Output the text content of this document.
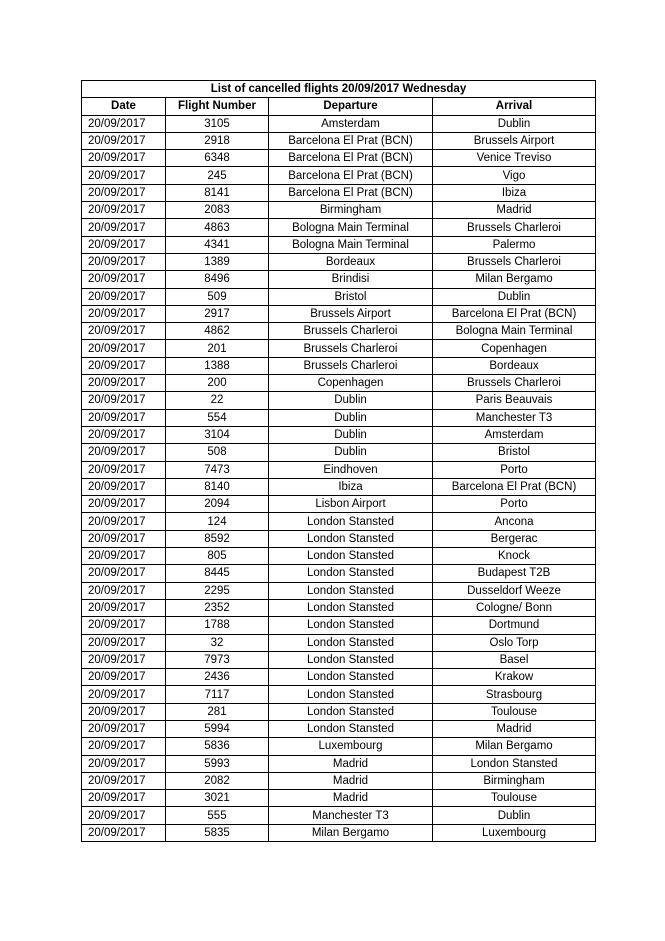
List of cancelled flights 20/09/2017 Wednesday			
Date	Flight Number	Departure	Arrival
20/09/2017	3105	Amsterdam	Dublin
20/09/2017	2918	Barcelona El Prat (BCN)	Brussels Airport
20/09/2017	6348	Barcelona El Prat (BCN)	Venice Treviso
20/09/2017	245	Barcelona El Prat (BCN)	Vigo
20/09/2017	8141	Barcelona El Prat (BCN)	Ibiza
20/09/2017	2083	Birmingham	Madrid
20/09/2017	4863	Bologna Main Terminal	Brussels Charleroi
20/09/2017	4341	Bologna Main Terminal	Palermo
20/09/2017	1389	Bordeaux	Brussels Charleroi
20/09/2017	8496	Brindisi	Milan Bergamo
20/09/2017	509	Bristol	Dublin
20/09/2017	2917	Brussels Airport	Barcelona El Prat (BCN)
20/09/2017	4862	Brussels Charleroi	Bologna Main Terminal
20/09/2017	201	Brussels Charleroi	Copenhagen
20/09/2017	1388	Brussels Charleroi	Bordeaux
20/09/2017	200	Copenhagen	Brussels Charleroi
20/09/2017	22	Dublin	Paris Beauvais
20/09/2017	554	Dublin	Manchester T3
20/09/2017	3104	Dublin	Amsterdam
20/09/2017	508	Dublin	Bristol
20/09/2017	7473	Eindhoven	Porto
20/09/2017	8140	Ibiza	Barcelona El Prat (BCN)
20/09/2017	2094	Lisbon Airport	Porto
20/09/2017	124	London Stansted	Ancona
20/09/2017	8592	London Stansted	Bergerac
20/09/2017	805	London Stansted	Knock
20/09/2017	8445	London Stansted	Budapest T2B
20/09/2017	2295	London Stansted	Dusseldorf Weeze
20/09/2017	2352	London Stansted	Cologne/ Bonn
20/09/2017	1788	London Stansted	Dortmund
20/09/2017	32	London Stansted	Oslo Torp
20/09/2017	7973	London Stansted	Basel
20/09/2017	2436	London Stansted	Krakow
20/09/2017	7117	London Stansted	Strasbourg
20/09/2017	281	London Stansted	Toulouse
20/09/2017	5994	London Stansted	Madrid
20/09/2017	5836	Luxembourg	Milan Bergamo
20/09/2017	5993	Madrid	London Stansted
20/09/2017	2082	Madrid	Birmingham
20/09/2017	3021	Madrid	Toulouse
20/09/2017	555	Manchester T3	Dublin
20/09/2017	5835	Milan Bergamo	Luxembourg
